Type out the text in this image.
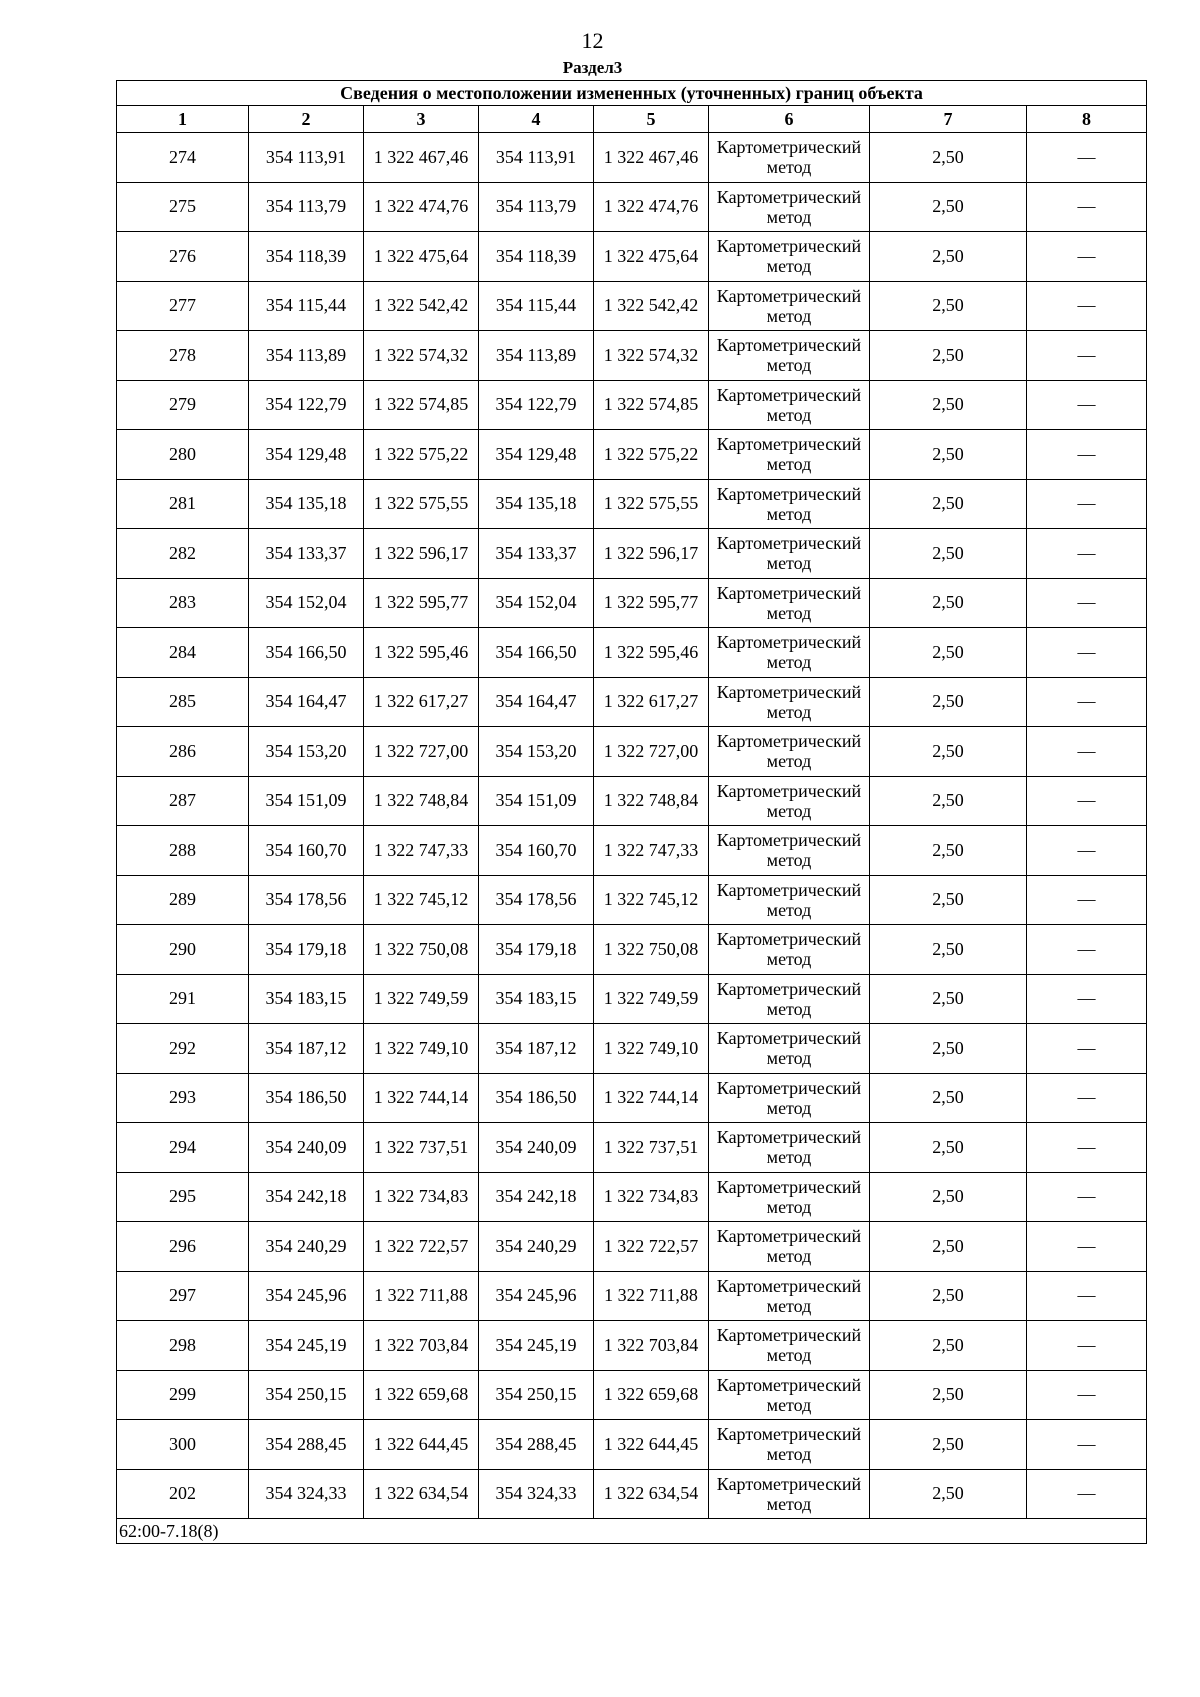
12
Раздел3
Сведения о местоположении измененных (уточненных) границ объекта							
1	2	3	4	5	6	7	8
274	354 113,91	1 322 467,46	354 113,91	1 322 467,46	Картометрический метод	2,50	—
275	354 113,79	1 322 474,76	354 113,79	1 322 474,76	Картометрический метод	2,50	—
276	354 118,39	1 322 475,64	354 118,39	1 322 475,64	Картометрический метод	2,50	—
277	354 115,44	1 322 542,42	354 115,44	1 322 542,42	Картометрический метод	2,50	—
278	354 113,89	1 322 574,32	354 113,89	1 322 574,32	Картометрический метод	2,50	—
279	354 122,79	1 322 574,85	354 122,79	1 322 574,85	Картометрический метод	2,50	—
280	354 129,48	1 322 575,22	354 129,48	1 322 575,22	Картометрический метод	2,50	—
281	354 135,18	1 322 575,55	354 135,18	1 322 575,55	Картометрический метод	2,50	—
282	354 133,37	1 322 596,17	354 133,37	1 322 596,17	Картометрический метод	2,50	—
283	354 152,04	1 322 595,77	354 152,04	1 322 595,77	Картометрический метод	2,50	—
284	354 166,50	1 322 595,46	354 166,50	1 322 595,46	Картометрический метод	2,50	—
285	354 164,47	1 322 617,27	354 164,47	1 322 617,27	Картометрический метод	2,50	—
286	354 153,20	1 322 727,00	354 153,20	1 322 727,00	Картометрический метод	2,50	—
287	354 151,09	1 322 748,84	354 151,09	1 322 748,84	Картометрический метод	2,50	—
288	354 160,70	1 322 747,33	354 160,70	1 322 747,33	Картометрический метод	2,50	—
289	354 178,56	1 322 745,12	354 178,56	1 322 745,12	Картометрический метод	2,50	—
290	354 179,18	1 322 750,08	354 179,18	1 322 750,08	Картометрический метод	2,50	—
291	354 183,15	1 322 749,59	354 183,15	1 322 749,59	Картометрический метод	2,50	—
292	354 187,12	1 322 749,10	354 187,12	1 322 749,10	Картометрический метод	2,50	—
293	354 186,50	1 322 744,14	354 186,50	1 322 744,14	Картометрический метод	2,50	—
294	354 240,09	1 322 737,51	354 240,09	1 322 737,51	Картометрический метод	2,50	—
295	354 242,18	1 322 734,83	354 242,18	1 322 734,83	Картометрический метод	2,50	—
296	354 240,29	1 322 722,57	354 240,29	1 322 722,57	Картометрический метод	2,50	—
297	354 245,96	1 322 711,88	354 245,96	1 322 711,88	Картометрический метод	2,50	—
298	354 245,19	1 322 703,84	354 245,19	1 322 703,84	Картометрический метод	2,50	—
299	354 250,15	1 322 659,68	354 250,15	1 322 659,68	Картометрический метод	2,50	—
300	354 288,45	1 322 644,45	354 288,45	1 322 644,45	Картометрический метод	2,50	—
202	354 324,33	1 322 634,54	354 324,33	1 322 634,54	Картометрический метод	2,50	—
62:00-7.18(8)							
